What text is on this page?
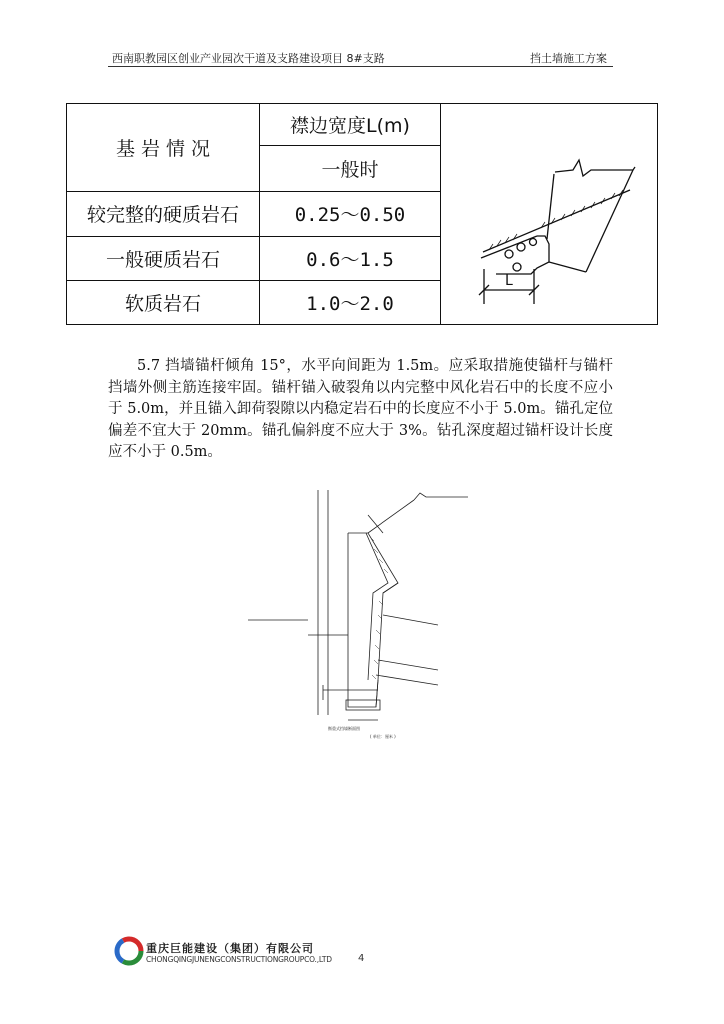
西南职教园区创业产业园次干道及支路建设项目 8#支路	挡土墙施工方案
基 岩 情 况	襟边宽度L(m)	L

	一般时	
较完整的硬质岩石	0.25～0.50	
一般硬质岩石	0.6～1.5	
软质岩石	1.0～2.0	

5.7 挡墙锚杆倾角 15°，水平向间距为 1.5m。应采取措施使锚杆与锚杆挡墙外侧主筋连接牢固。锚杆锚入破裂角以内完整中风化岩石中的长度不应小于 5.0m，并且锚入卸荷裂隙以内稳定岩石中的长度应不小于 5.0m。锚孔定位偏差不宜大于 20mm。锚孔偏斜度不应大于 3%。钻孔深度超过锚杆设计长度应不小于 0.5m。

衡重式挡墙断面图
( 单位：厘米 )
重庆巨能建设（集团）有限公司
CHONGQINGJUNENGCONSTRUCTIONGROUPCO.,LTD	4
